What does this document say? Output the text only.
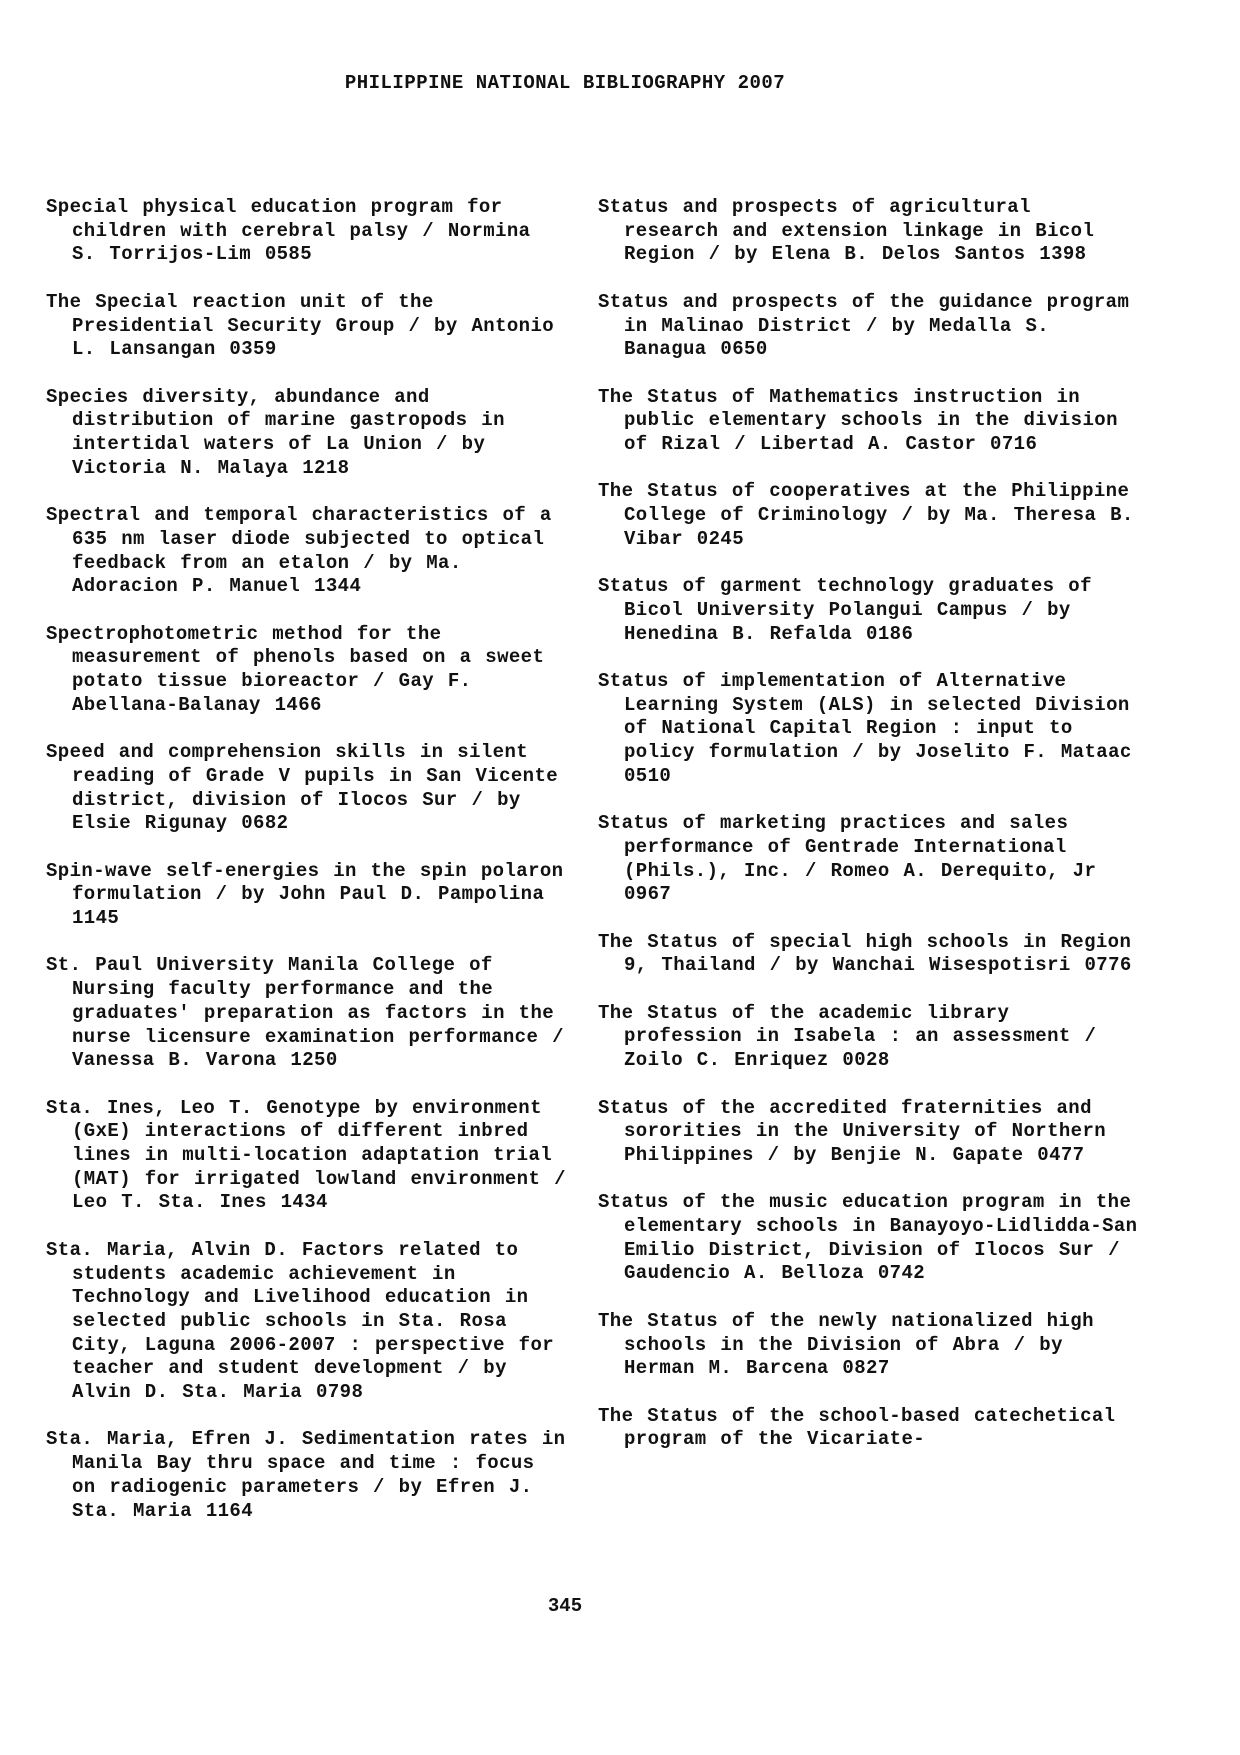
PHILIPPINE NATIONAL BIBLIOGRAPHY 2007

Special physical education program for children with cerebral palsy / Normina S. Torrijos-Lim 0585

The Special reaction unit of the Presidential Security Group / by Antonio L. Lansangan 0359

Species diversity, abundance and distribution of marine gastropods in intertidal waters of La Union / by Victoria N. Malaya 1218

Spectral and temporal characteristics of a 635 nm laser diode subjected to optical feedback from an etalon / by Ma. Adoracion P. Manuel 1344

Spectrophotometric method for the measurement of phenols based on a sweet potato tissue bioreactor / Gay F. Abellana-Balanay 1466

Speed and comprehension skills in silent reading of Grade V pupils in San Vicente district, division of Ilocos Sur / by Elsie Rigunay 0682

Spin-wave self-energies in the spin polaron formulation / by John Paul D. Pampolina 1145

St. Paul University Manila College of Nursing faculty performance and the graduates' preparation as factors in the nurse licensure examination performance / Vanessa B. Varona 1250

Sta. Ines, Leo T. Genotype by environment (GxE) interactions of different inbred lines in multi-location adaptation trial (MAT) for irrigated lowland environment / Leo T. Sta. Ines 1434

Sta. Maria, Alvin D. Factors related to students academic achievement in Technology and Livelihood education in selected public schools in Sta. Rosa City, Laguna 2006-2007 : perspective for teacher and student development / by Alvin D. Sta. Maria 0798

Sta. Maria, Efren J. Sedimentation rates in Manila Bay thru space and time : focus on radiogenic parameters / by Efren J. Sta. Maria 1164

Status and prospects of agricultural research and extension linkage in Bicol Region / by Elena B. Delos Santos 1398

Status and prospects of the guidance program in Malinao District / by Medalla S. Banagua 0650

The Status of Mathematics instruction in public elementary schools in the division of Rizal / Libertad A. Castor 0716

The Status of cooperatives at the Philippine College of Criminology / by Ma. Theresa B. Vibar 0245

Status of garment technology graduates of Bicol University Polangui Campus / by Henedina B. Refalda 0186

Status of implementation of Alternative Learning System (ALS) in selected Division of National Capital Region : input to policy formulation / by Joselito F. Mataac 0510

Status of marketing practices and sales performance of Gentrade International (Phils.), Inc. / Romeo A. Derequito, Jr 0967

The Status of special high schools in Region 9, Thailand / by Wanchai Wisespotisri 0776

The Status of the academic library profession in Isabela : an assessment / Zoilo C. Enriquez 0028

Status of the accredited fraternities and sororities in the University of Northern Philippines / by Benjie N. Gapate 0477

Status of the music education program in the elementary schools in Banayoyo-Lidlidda-San Emilio District, Division of Ilocos Sur / Gaudencio A. Belloza 0742

The Status of the newly nationalized high schools in the Division of Abra / by Herman M. Barcena 0827

The Status of the school-based catechetical program of the Vicariate-

345
